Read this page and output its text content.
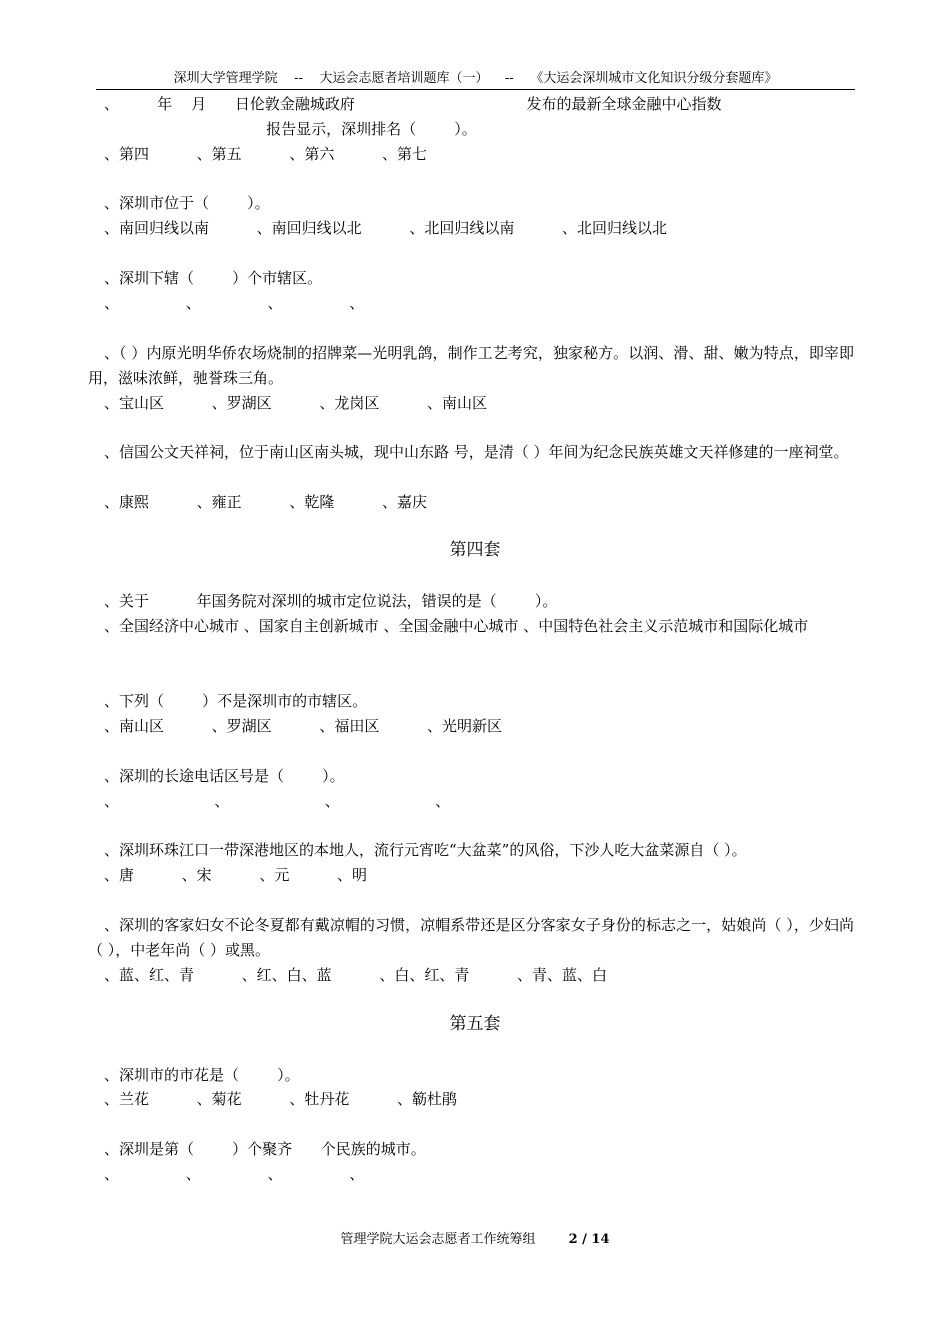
深圳大学管理学院    --    大运会志愿者培训题库（一）    --    《大运会深圳城市文化知识分级分套题库》
、        年    月      日伦敦金融城政府                                    发布的最新全球金融中心指数
报告显示，深圳排名（        ）。
、第四          、第五          、第六          、第七
、深圳市位于（        ）。
、南回归线以南          、南回归线以北          、北回归线以南          、北回归线以北
、深圳下辖（        ）个市辖区。
、              、              、              、
、（ ）内原光明华侨农场烧制的招牌菜—光明乳鸽，制作工艺考究，独家秘方。以润、滑、甜、嫩为特点，即宰即用，滋味浓鲜，驰誉珠三角。
、宝山区          、罗湖区          、龙岗区          、南山区
、信国公文天祥祠，位于南山区南头城，现中山东路 号，是清（ ）年间为纪念民族英雄文天祥修建的一座祠堂。
、康熙          、雍正          、乾隆          、嘉庆
第四套
、关于          年国务院对深圳的城市定位说法，错误的是（        ）。
、全国经济中心城市 、国家自主创新城市 、全国金融中心城市 、中国特色社会主义示范城市和国际化城市
、下列（        ）不是深圳市的市辖区。
、南山区          、罗湖区          、福田区          、光明新区
、深圳的长途电话区号是（        ）。
、                    、                    、                    、
、深圳环珠江口一带深港地区的本地人，流行元宵吃“大盆菜”的风俗，下沙人吃大盆菜源自（ ）。
、唐          、宋          、元          、明
、深圳的客家妇女不论冬夏都有戴凉帽的习惯，凉帽系带还是区分客家女子身份的标志之一，姑娘尚（ ），少妇尚（ ），中老年尚（ ）或黑。
、蓝、红、青          、红、白、蓝          、白、红、青          、青、蓝、白
第五套
、深圳市的市花是（        ）。
、兰花          、菊花          、牡丹花          、簕杜鹃
、深圳是第（        ）个聚齐      个民族的城市。
、              、              、              、
管理学院大运会志愿者工作统筹组	2 / 14
